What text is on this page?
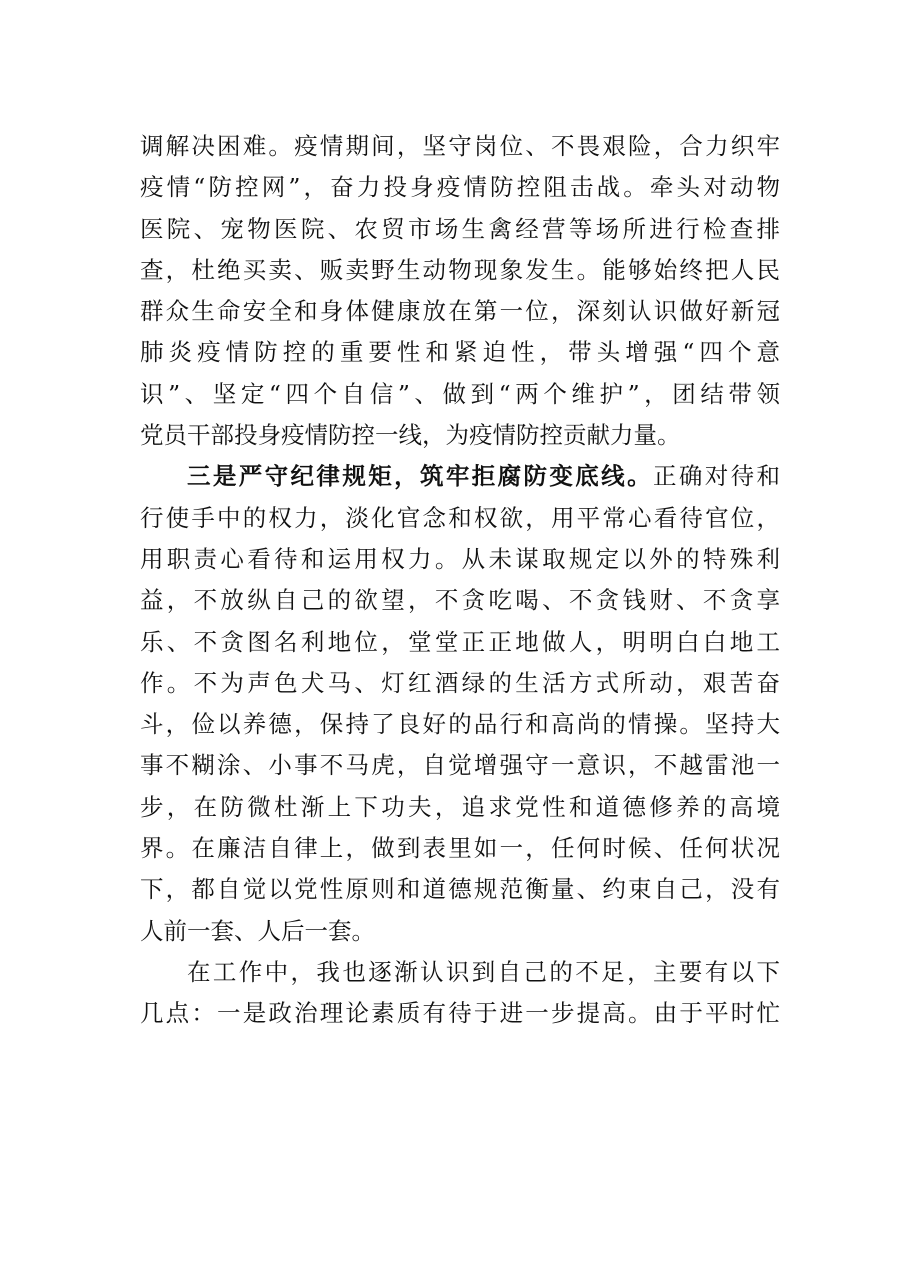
调解决困难。疫情期间，坚守岗位、不畏艰险，合力织牢
疫情“防控网”，奋力投身疫情防控阻击战。牵头对动物
医院、宠物医院、农贸市场生禽经营等场所进行检查排
查，杜绝买卖、贩卖野生动物现象发生。能够始终把人民
群众生命安全和身体健康放在第一位，深刻认识做好新冠
肺炎疫情防控的重要性和紧迫性，带头增强“四个意
识”、坚定“四个自信”、做到“两个维护”，团结带领
党员干部投身疫情防控一线，为疫情防控贡献力量。
三是严守纪律规矩，筑牢拒腐防变底线。正确对待和
行使手中的权力，淡化官念和权欲，用平常心看待官位，
用职责心看待和运用权力。从未谋取规定以外的特殊利
益，不放纵自己的欲望，不贪吃喝、不贪钱财、不贪享
乐、不贪图名利地位，堂堂正正地做人，明明白白地工
作。不为声色犬马、灯红酒绿的生活方式所动，艰苦奋
斗，俭以养德，保持了良好的品行和高尚的情操。坚持大
事不糊涂、小事不马虎，自觉增强守一意识，不越雷池一
步，在防微杜渐上下功夫，追求党性和道德修养的高境
界。在廉洁自律上，做到表里如一，任何时候、任何状况
下，都自觉以党性原则和道德规范衡量、约束自己，没有
人前一套、人后一套。
在工作中，我也逐渐认识到自己的不足，主要有以下
几点：一是政治理论素质有待于进一步提高。由于平时忙
